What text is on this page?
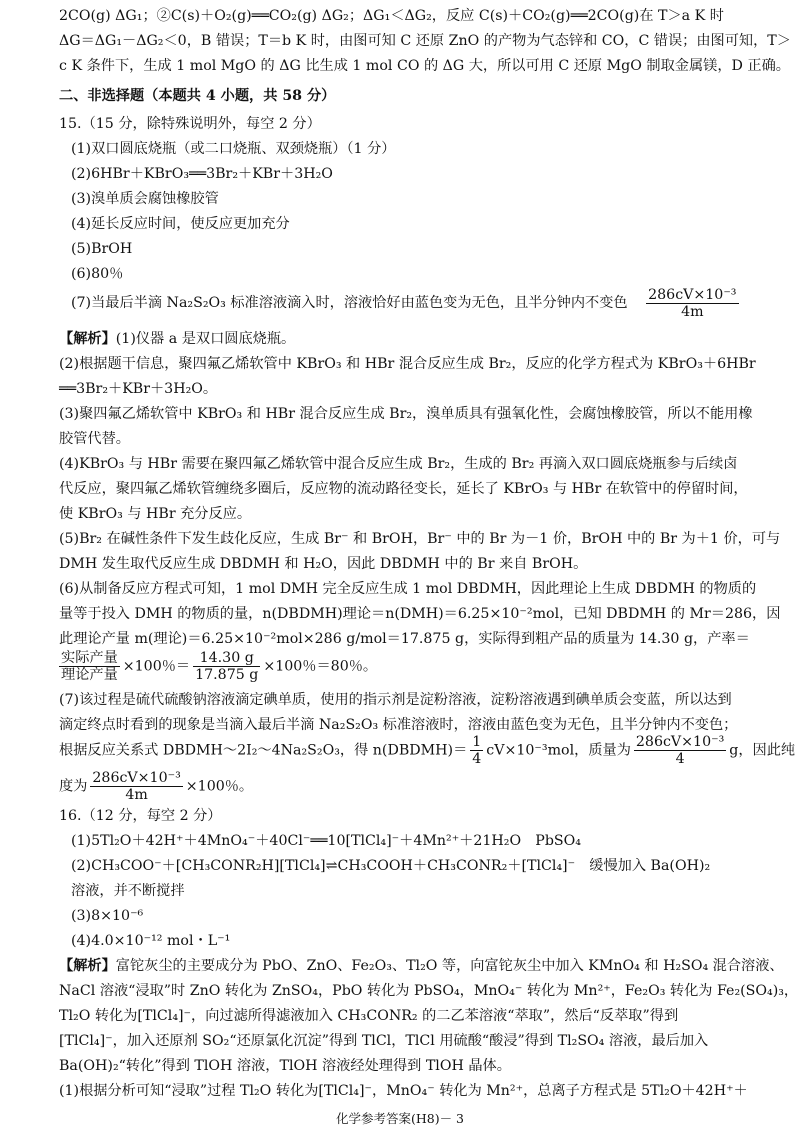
2CO(g) ΔG₁；②C(s)＋O₂(g)══CO₂(g) ΔG₂；ΔG₁＜ΔG₂，反应 C(s)＋CO₂(g)══2CO(g)在 T＞a K 时
ΔG＝ΔG₁－ΔG₂＜0，B 错误；T＝b K 时，由图可知 C 还原 ZnO 的产物为气态锌和 CO，C 错误；由图可知，T＞
c K 条件下，生成 1 mol MgO 的 ΔG 比生成 1 mol CO 的 ΔG 大，所以可用 C 还原 MgO 制取金属镁，D 正确。
二、非选择题（本题共 4 小题，共 58 分）
15.（15 分，除特殊说明外，每空 2 分）
(1)双口圆底烧瓶（或二口烧瓶、双颈烧瓶）（1 分）
(2)6HBr＋KBrO₃══3Br₂＋KBr＋3H₂O
(3)溴单质会腐蚀橡胶管
(4)延长反应时间，使反应更加充分
(5)BrOH
(6)80％
(7)当最后半滴 Na₂S₂O₃ 标准溶液滴入时，溶液恰好由蓝色变为无色，且半分钟内不变色 $\frac{\text{286cV×10⁻³}}{4m}$
【解析】(1)仪器 a 是双口圆底烧瓶。
(2)根据题干信息，聚四氟乙烯软管中 KBrO₃ 和 HBr 混合反应生成 Br₂，反应的化学方程式为 KBrO₃＋6HBr
══3Br₂＋KBr＋3H₂O。
(3)聚四氟乙烯软管中 KBrO₃ 和 HBr 混合反应生成 Br₂，溴单质具有强氧化性，会腐蚀橡胶管，所以不能用橡
胶管代替。
(4)KBrO₃ 与 HBr 需要在聚四氟乙烯软管中混合反应生成 Br₂，生成的 Br₂ 再滴入双口圆底烧瓶参与后续卤
代反应，聚四氟乙烯软管缠绕多圈后，反应物的流动路径变长，延长了 KBrO₃ 与 HBr 在软管中的停留时间，
使 KBrO₃ 与 HBr 充分反应。
(5)Br₂ 在碱性条件下发生歧化反应，生成 Br⁻ 和 BrOH，Br⁻ 中的 Br 为－1 价，BrOH 中的 Br 为＋1 价，可与
DMH 发生取代反应生成 DBDMH 和 H₂O，因此 DBDMH 中的 Br 来自 BrOH。
(6)从制备反应方程式可知，1 mol DMH 完全反应生成 1 mol DBDMH，因此理论上生成 DBDMH 的物质的
量等于投入 DMH 的物质的量，n(DBDMH)理论＝n(DMH)＝6.25×10⁻²mol，已知 DBDMH 的 Mr＝286，因
此理论产量 m(理论)＝6.25×10⁻²mol×286 g/mol＝17.875 g，实际得到粗产品的质量为 14.30 g，产率＝
$\frac{\text{实际产量}}{\text{理论产量}} \times 100$％＝ $\frac{14.30 g}{17.875 g} \times 100$％＝80％。
(7)该过程是硫代硫酸钠溶液滴定碘单质，使用的指示剂是淀粉溶液，淀粉溶液遇到碘单质会变蓝，所以达到
滴定终点时看到的现象是当滴入最后半滴 Na₂S₂O₃ 标准溶液时，溶液由蓝色变为无色，且半分钟内不变色；
根据反应关系式 DBDMH～2I₂～4Na₂S₂O₃，得 n(DBDMH)＝ $\frac{1}{4} cV\times 10^{-3}mol$，质量为 $\frac{\text{286cV×10⁻³}}{4}$ g，因此纯
度为 $\frac{\text{286cV×10⁻³}}{4m} \times 100$％。
16.（12 分，每空 2 分）
(1)5Tl₂O＋42H⁺＋4MnO₄⁻＋40Cl⁻══10[TlCl₄]⁻＋4Mn²⁺＋21H₂O　PbSO₄
(2)CH₃COO⁻＋[CH₃CONR₂H][TlCl₄]⇌CH₃COOH＋CH₃CONR₂＋[TlCl₄]⁻　缓慢加入 Ba(OH)₂
溶液，并不断搅拌
(3)8×10⁻⁶
(4)4.0×10⁻¹² mol・L⁻¹
【解析】富铊灰尘的主要成分为 PbO、ZnO、Fe₂O₃、Tl₂O 等，向富铊灰尘中加入 KMnO₄ 和 H₂SO₄ 混合溶液、
NaCl 溶液“浸取”时 ZnO 转化为 ZnSO₄，PbO 转化为 PbSO₄，MnO₄⁻ 转化为 Mn²⁺，Fe₂O₃ 转化为 Fe₂(SO₄)₃，
Tl₂O 转化为[TlCl₄]⁻，向过滤所得滤液加入 CH₃CONR₂ 的二乙苯溶液“萃取”，然后“反萃取”得到
[TlCl₄]⁻，加入还原剂 SO₂“还原氯化沉淀”得到 TlCl，TlCl 用硫酸“酸浸”得到 Tl₂SO₄ 溶液，最后加入
Ba(OH)₂“转化”得到 TlOH 溶液，TlOH 溶液经处理得到 TlOH 晶体。
(1)根据分析可知“浸取”过程 Tl₂O 转化为[TlCl₄]⁻，MnO₄⁻ 转化为 Mn²⁺，总离子方程式是 5Tl₂O＋42H⁺＋
化学参考答案(H8)－ 3
